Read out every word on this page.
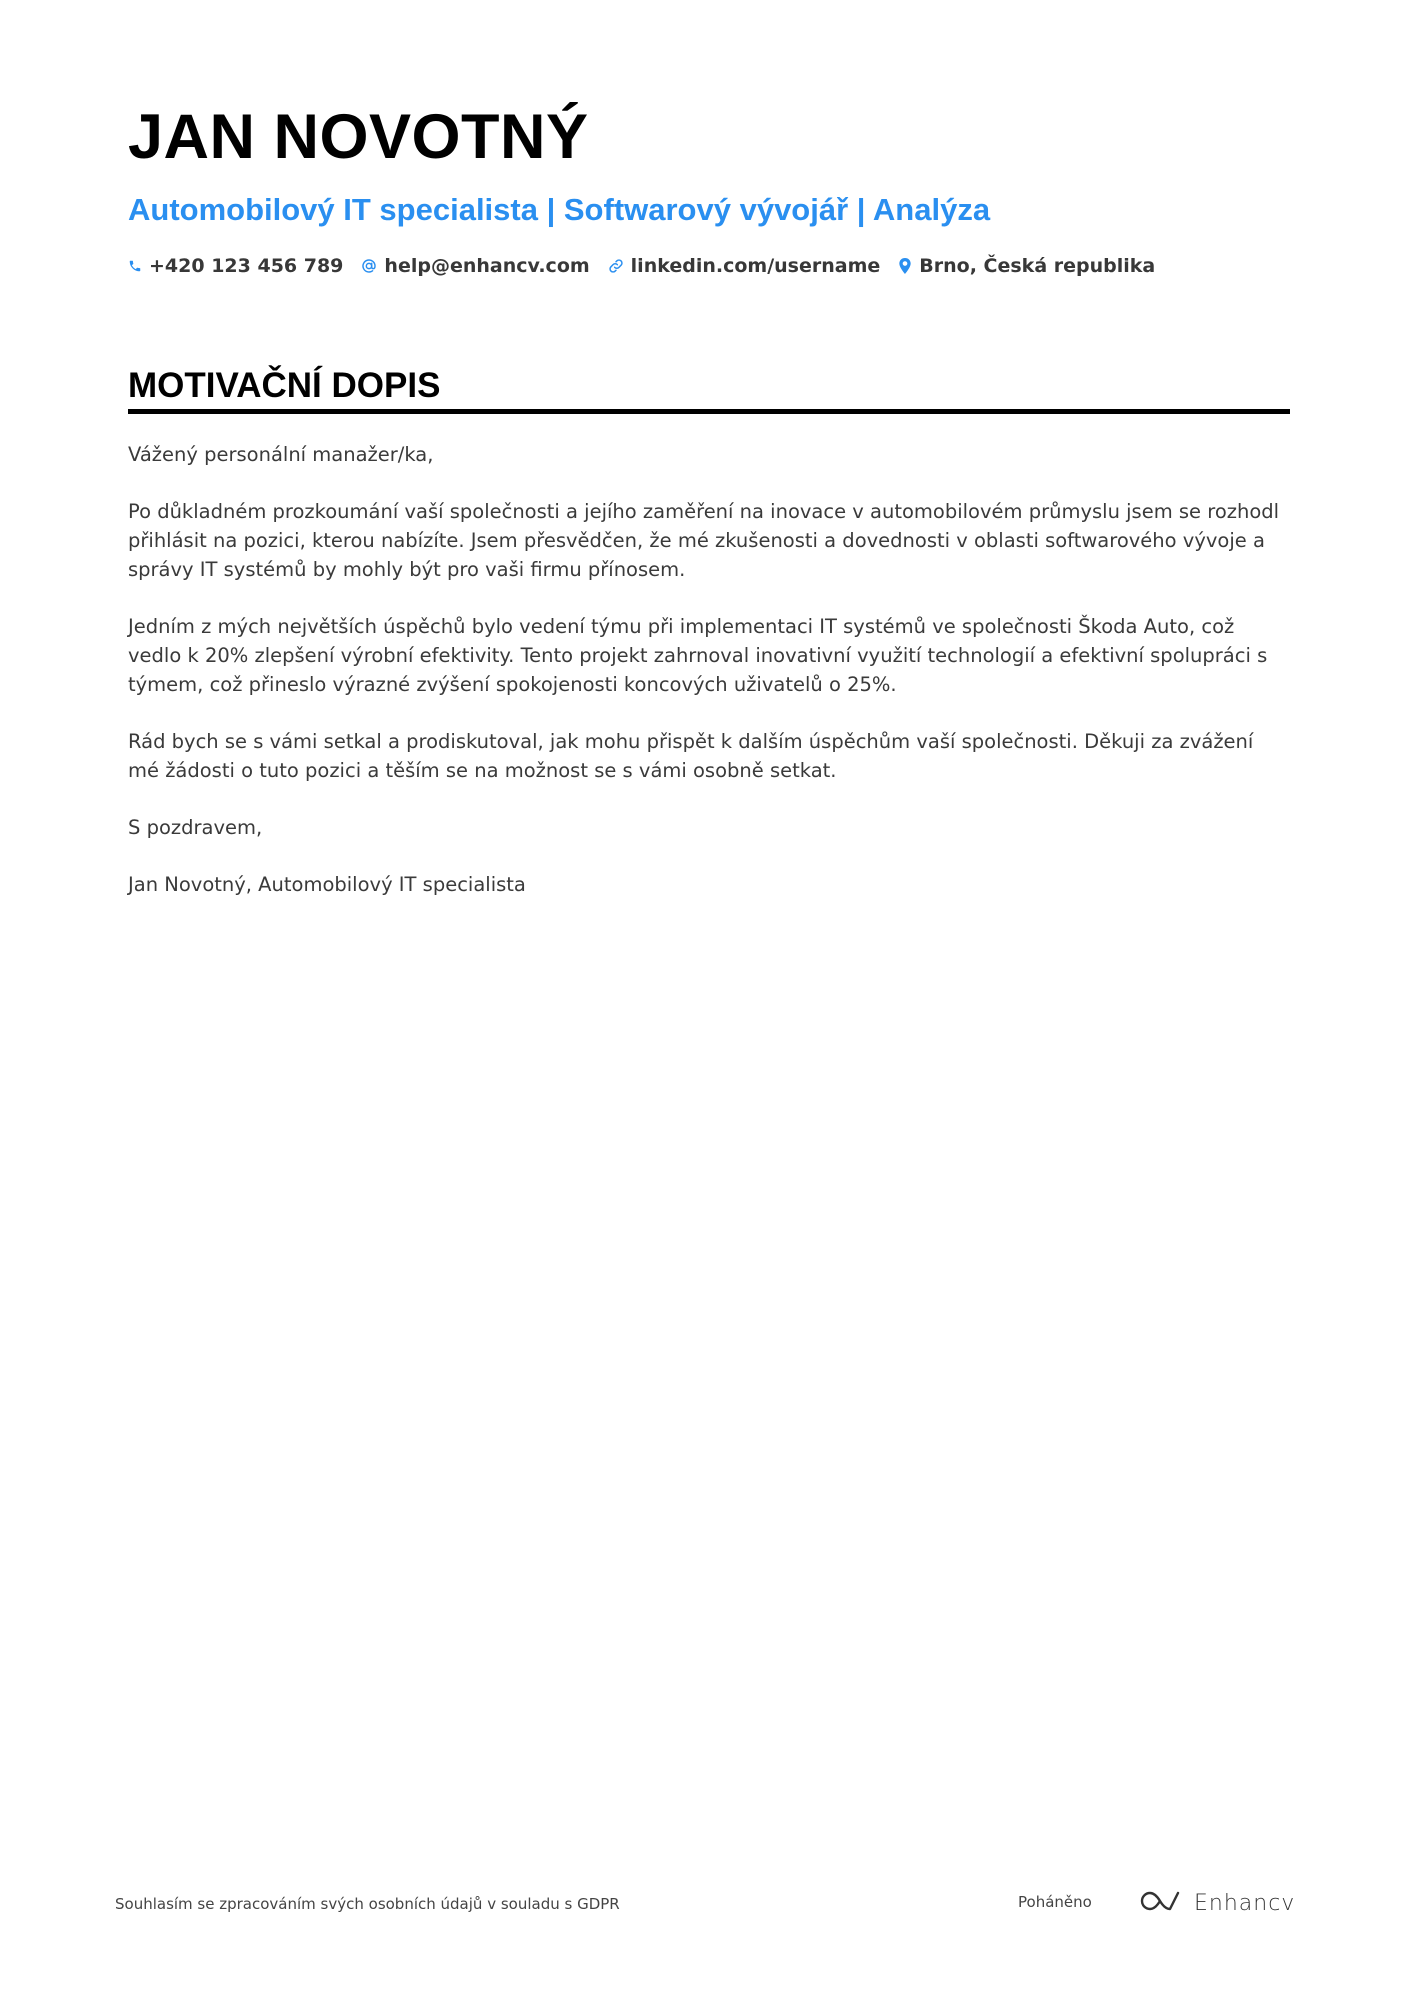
JAN NOVOTNÝ
Automobilový IT specialista | Softwarový vývojář | Analýza
+420 123 456 789 help@enhancv.com linkedin.com/username Brno, Česká republika
MOTIVAČNÍ DOPIS

Vážený personální manažer/ka,

Po důkladném prozkoumání vaší společnosti a jejího zaměření na inovace v automobilovém průmyslu jsem se rozhodl přihlásit na pozici, kterou nabízíte. Jsem přesvědčen, že mé zkušenosti a dovednosti v oblasti softwarového vývoje a správy IT systémů by mohly být pro vaši firmu přínosem.

Jedním z mých největších úspěchů bylo vedení týmu při implementaci IT systémů ve společnosti Škoda Auto, což vedlo k 20% zlepšení výrobní efektivity. Tento projekt zahrnoval inovativní využití technologií a efektivní spolupráci s týmem, což přineslo výrazné zvýšení spokojenosti koncových uživatelů o 25%.

Rád bych se s vámi setkal a prodiskutoval, jak mohu přispět k dalším úspěchům vaší společnosti. Děkuji za zvážení mé žádosti o tuto pozici a těším se na možnost se s vámi osobně setkat.

S pozdravem,

Jan Novotný, Automobilový IT specialista

Souhlasím se zpracováním svých osobních údajů v souladu s GDPR	Poháněno	Enhancv
